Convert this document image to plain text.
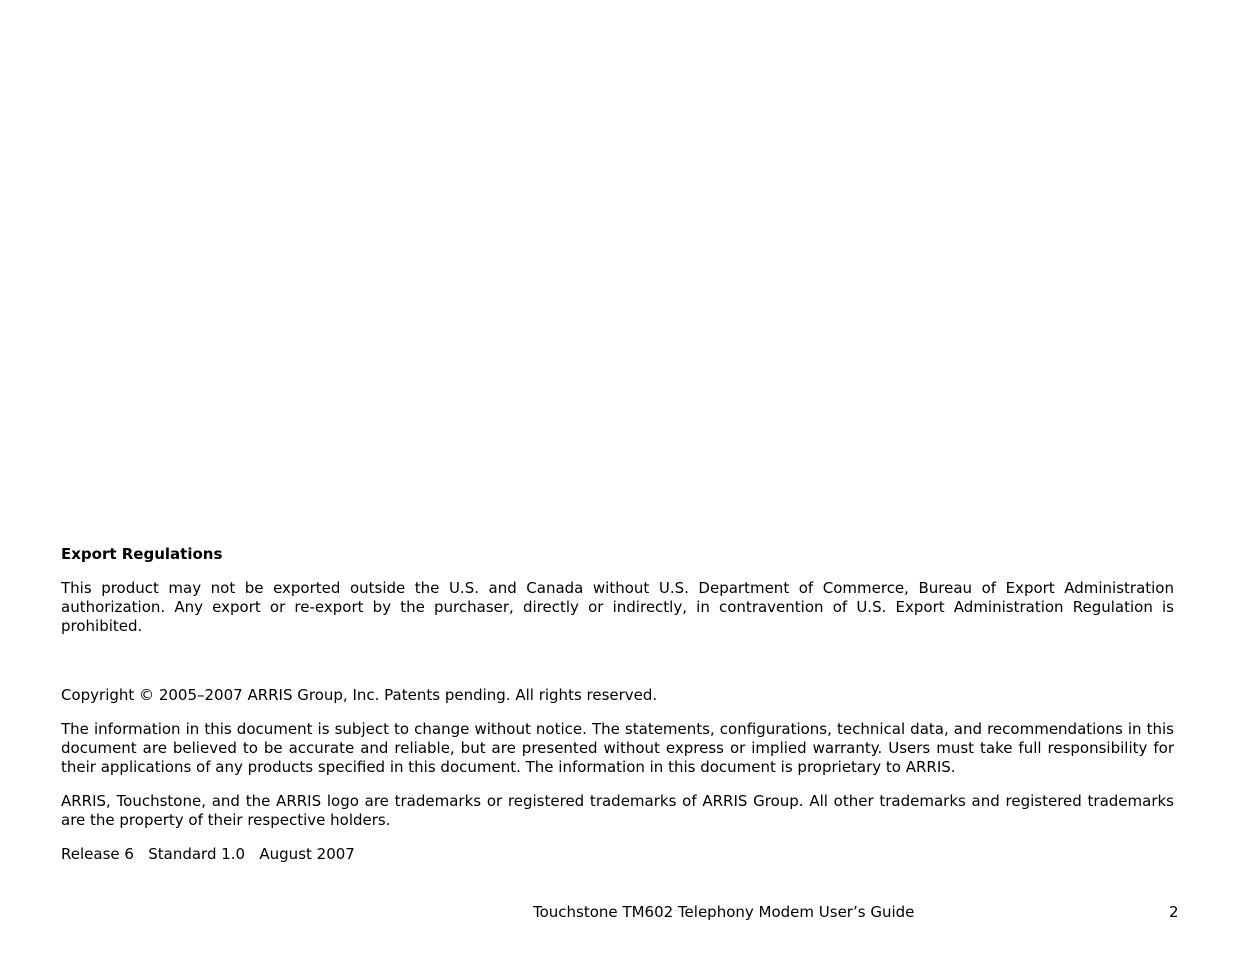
Export Regulations

This product may not be exported outside the U.S. and Canada without U.S. Department of Commerce, Bureau of Export Administration authorization. Any export or re-export by the purchaser, directly or indirectly, in contravention of U.S. Export Administration Regulation is prohibited.

Copyright © 2005–2007 ARRIS Group, Inc. Patents pending. All rights reserved.

The information in this document is subject to change without notice. The statements, configurations, technical data, and recommendations in this document are believed to be accurate and reliable, but are presented without express or implied warranty. Users must take full responsibility for their applications of any products specified in this document. The information in this document is proprietary to ARRIS.

ARRIS, Touchstone, and the ARRIS logo are trademarks or registered trademarks of ARRIS Group. All other trademarks and registered trademarks are the property of their respective holders.

Release 6   Standard 1.0   August 2007

Touchstone TM602 Telephony Modem User’s Guide	2
